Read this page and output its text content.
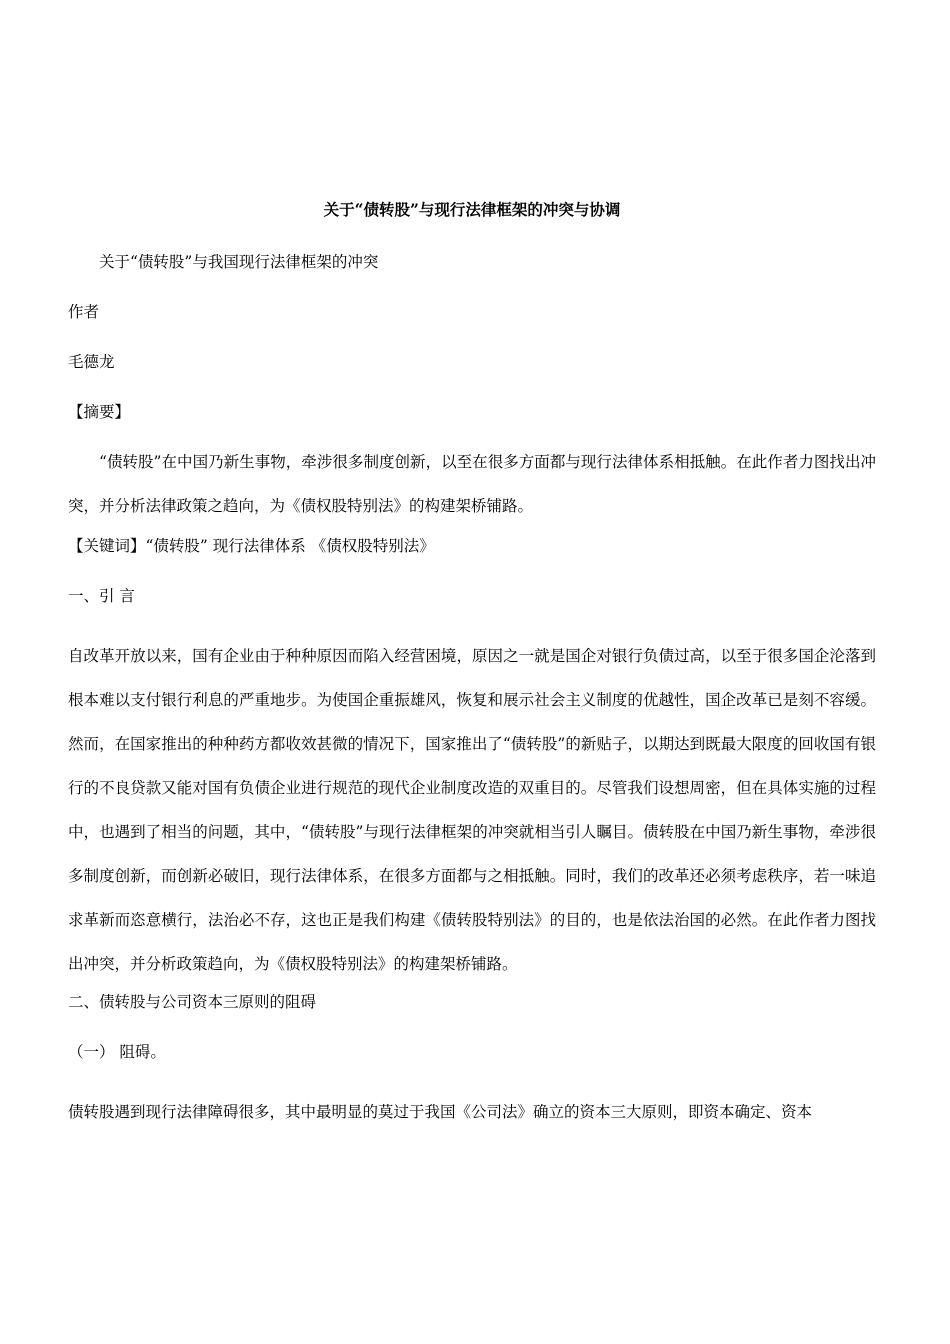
关于“债转股”与现行法律框架的冲突与协调

关于“债转股”与我国现行法律框架的冲突

作者

毛德龙

【摘要】

“债转股”在中国乃新生事物，牵涉很多制度创新，以至在很多方面都与现行法律体系相抵触。在此作者力图找出冲突，并分析法律政策之趋向，为《债权股特别法》的构建架桥铺路。

【关键词】“债转股” 现行法律体系 《债权股特别法》

一、引 言

自改革开放以来，国有企业由于种种原因而陷入经营困境，原因之一就是国企对银行负债过高，以至于很多国企沦落到根本难以支付银行利息的严重地步。为使国企重振雄风，恢复和展示社会主义制度的优越性，国企改革已是刻不容缓。然而，在国家推出的种种药方都收效甚微的情况下，国家推出了“债转股”的新贴子，以期达到既最大限度的回收国有银行的不良贷款又能对国有负债企业进行规范的现代企业制度改造的双重目的。尽管我们设想周密，但在具体实施的过程中，也遇到了相当的问题，其中，“债转股”与现行法律框架的冲突就相当引人瞩目。债转股在中国乃新生事物，牵涉很多制度创新，而创新必破旧，现行法律体系，在很多方面都与之相抵触。同时，我们的改革还必须考虑秩序，若一味追求革新而恣意横行，法治必不存，这也正是我们构建《债转股特别法》的目的，也是依法治国的必然。在此作者力图找出冲突，并分析政策趋向，为《债权股特别法》的构建架桥铺路。

二、债转股与公司资本三原则的阻碍

（一） 阻碍。

债转股遇到现行法律障碍很多，其中最明显的莫过于我国《公司法》确立的资本三大原则，即资本确定、资本
